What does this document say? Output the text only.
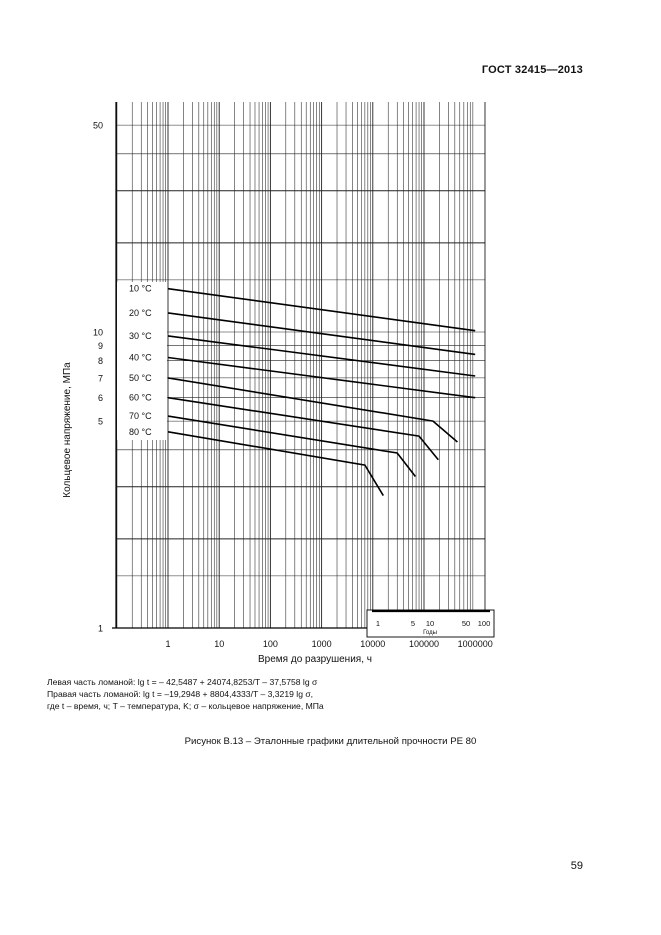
ГОСТ 32415—2013
1
5
6
7
8
9
10
50
1	10	100	1000	10000	100000 1000000
10 °C
20 °C
30 °C
40 °C
50 °C
60 °C
70 °C
80 °C
1	5 10	50 100
Годы
Кольцевое напряжение, МПа
Время до разрушения, ч
Левая часть ломаной: lg t = – 42,5487 + 24074,8253/T – 37,5758 lg σ
Правая часть ломаной: lg t = –19,2948 + 8804,4333/T – 3,3219 lg σ,
где t – время, ч; T – температура, K; σ – кольцевое напряжение, МПа
Рисунок В.13 – Эталонные графики длительной прочности PE 80
59
